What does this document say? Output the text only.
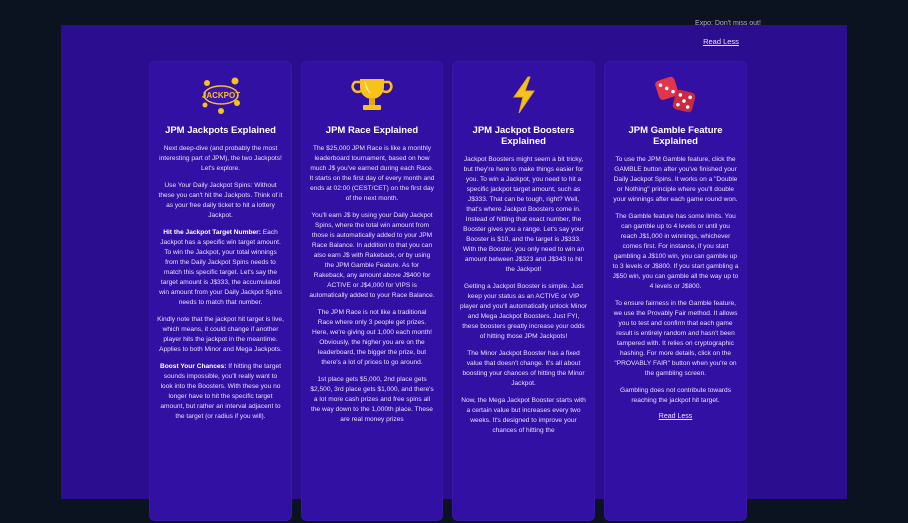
Expo: Don't miss out!
Read Less
JACKPOT
JPM Jackpots Explained

Next deep-dive (and probably the most interesting part of JPM), the two Jackpots! Let's explore.

Use Your Daily Jackpot Spins: Without these you can't hit the Jackpots. Think of it as your free daily ticket to hit a lottery Jackpot.

Hit the Jackpot Target Number: Each Jackpot has a specific win target amount. To win the Jackpot, your total winnings from the Daily Jackpot Spins needs to match this specific target. Let's say the target amount is J$333, the accumulated win amount from your Daily Jackpot Spins needs to match that number.

Kindly note that the jackpot hit target is live, which means, it could change if another player hits the jackpot in the meantime. Applies to both Minor and Mega Jackpots.

Boost Your Chances: If hitting the target sounds impossible, you'll really want to look into the Boosters. With these you no longer have to hit the specific target amount, but rather an interval adjacent to the target (or radius if you will).

JPM Race Explained

The $25,000 JPM Race is like a monthly leaderboard tournament, based on how much J$ you've earned during each Race. It starts on the first day of every month and ends at 02:00 (CEST/CET) on the first day of the next month.

You'll earn J$ by using your Daily Jackpot Spins, where the total win amount from those is automatically added to your JPM Race Balance. In addition to that you can also earn J$ with Rakeback, or by using the JPM Gamble Feature. As for Rakeback, any amount above J$400 for ACTIVE or J$4,000 for VIPS is automatically added to your Race Balance.

The JPM Race is not like a traditional Race where only 3 people get prizes. Here, we're giving out 1,000 each month! Obviously, the higher you are on the leaderboard, the bigger the prize, but there's a lot of prices to go around.

1st place gets $5,000, 2nd place gets $2,500, 3rd place gets $1,000, and there's a lot more cash prizes and free spins all the way down to the 1,000th place. These are real money prizes

JPM Jackpot Boosters Explained

Jackpot Boosters might seem a bit tricky, but they're here to make things easier for you. To win a Jackpot, you need to hit a specific jackpot target amount, such as J$333. That can be tough, right? Well, that's where Jackpot Boosters come in. Instead of hitting that exact number, the Booster gives you a range. Let's say your Booster is $10, and the target is J$333. With the Booster, you only need to win an amount between J$323 and J$343 to hit the Jackpot!

Getting a Jackpot Booster is simple. Just keep your status as an ACTIVE or VIP player and you'll automatically unlock Minor and Mega Jackpot Boosters. Just FYI, these boosters greatly increase your odds of hitting those JPM Jackpots!

The Minor Jackpot Booster has a fixed value that doesn't change. It's all about boosting your chances of hitting the Minor Jackpot.

Now, the Mega Jackpot Booster starts with a certain value but increases every two weeks. It's designed to improve your chances of hitting the

JPM Gamble Feature Explained

To use the JPM Gamble feature, click the GAMBLE button after you've finished your Daily Jackpot Spins. It works on a "Double or Nothing" principle where you'll double your winnings after each game round won.

The Gamble feature has some limits. You can gamble up to 4 levels or until you reach J$1,000 in winnings, whichever comes first. For instance, if you start gambling a J$100 win, you can gamble up to 3 levels or J$800. If you start gambling a J$50 win, you can gamble all the way up to 4 levels or J$800.

To ensure fairness in the Gamble feature, we use the Provably Fair method. It allows you to test and confirm that each game result is entirely random and hasn't been tampered with. It relies on cryptographic hashing. For more details, click on the "PROVABLY FAIR" button when you're on the gambling screen.

Gambling does not contribute towards reaching the jackpot hit target.

Read Less
